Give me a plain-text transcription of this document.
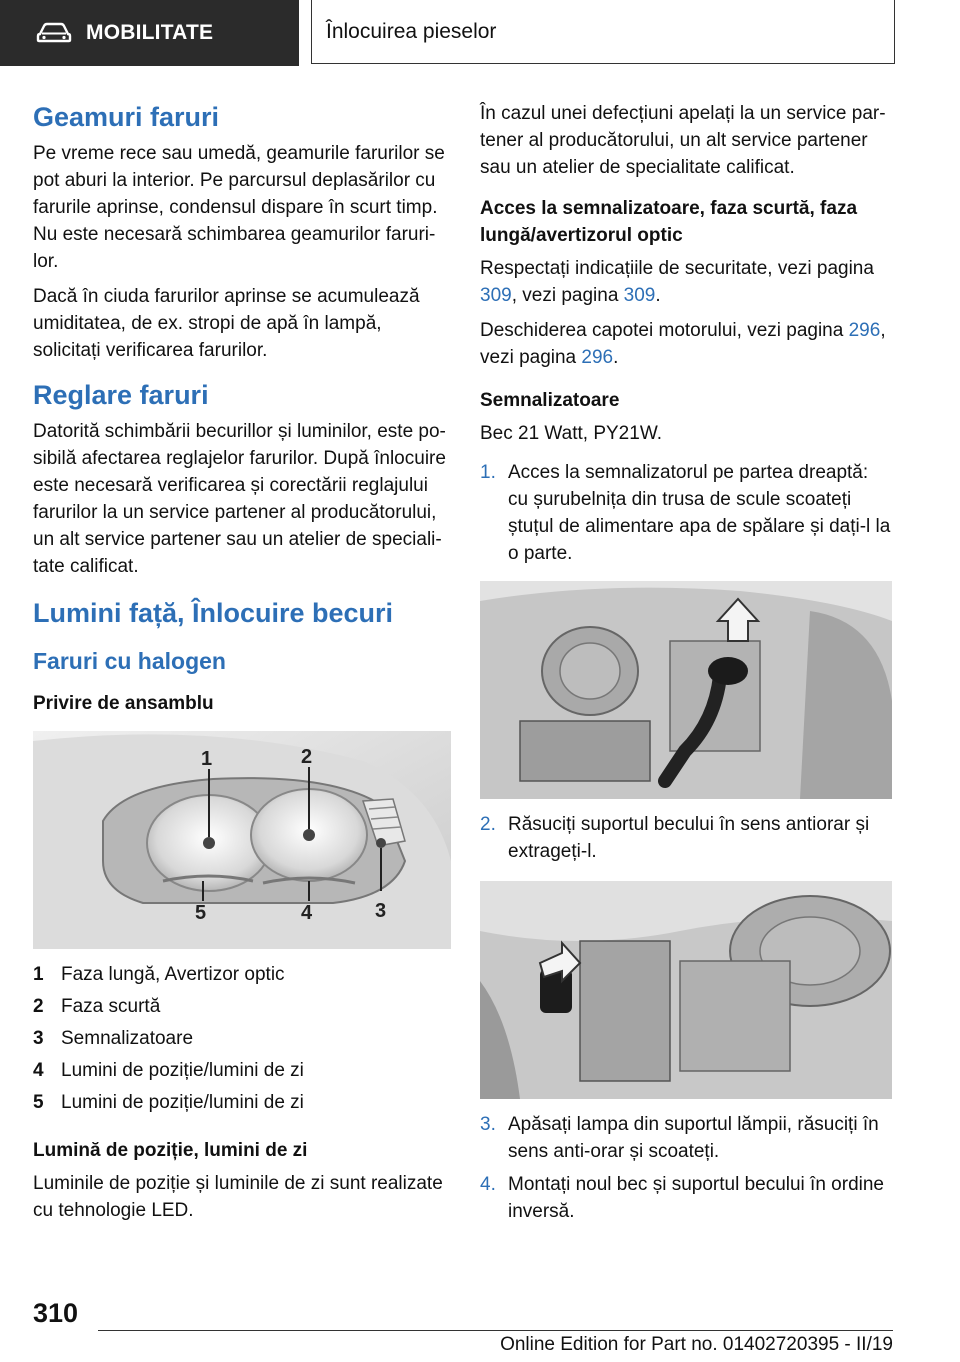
MOBILITATE	Înlocuirea pieselor
Geamuri faruri

Pe vreme rece sau umedă, geamurile farurilor se pot aburi la interior. Pe parcursul deplasărilor cu farurile aprinse, condensul dispare în scurt timp. Nu este necesară schimbarea geamurilor farurilor.

Dacă în ciuda farurilor aprinse se acumulează umiditatea, de ex. stropi de apă în lampă, solicitați verificarea farurilor.

Reglare faruri

Datorită schimbării becurillor și luminilor, este posibilă afectarea reglajelor farurilor. După înlocuire este necesară verificarea și corectării reglajului farurilor la un service partener al producătorului, un alt service partener sau un atelier de specialitate calificat.

Lumini față, Înlocuire becuri
Faruri cu halogen
Privire de ansamblu
1	2
3
4
5
1 Faza lungă, Avertizor optic
2 Faza scurtă
3 Semnalizatoare
4 Lumini de poziție/lumini de zi
5 Lumini de poziție/lumini de zi
Lumină de poziție, lumini de zi

Luminile de poziție și luminile de zi sunt realizate cu tehnologie LED.

În cazul unei defecțiuni apelați la un service partener al producătorului, un alt service partener sau un atelier de specialitate calificat.

Acces la semnalizatoare, faza scurtă, faza lungă/avertizorul optic

Respectați indicațiile de securitate, vezi pagina 309, vezi pagina 309.

Deschiderea capotei motorului, vezi pagina 296, vezi pagina 296.

Semnalizatoare

Bec 21 Watt, PY21W.

1. Acces la semnalizatorul pe partea dreaptă: cu șurubelnița din trusa de scule scoateți ștuțul de alimentare apa de spălare și dați-l la o parte.
2. Răsuciți suportul becului în sens antiorar și extrageți-l.
3. Apăsați lampa din suportul lămpii, răsuciți în sens anti-orar și scoateți.
4. Montați noul bec și suportul becului în ordine inversă.
310
Online Edition for Part no. 01402720395 - II/19
